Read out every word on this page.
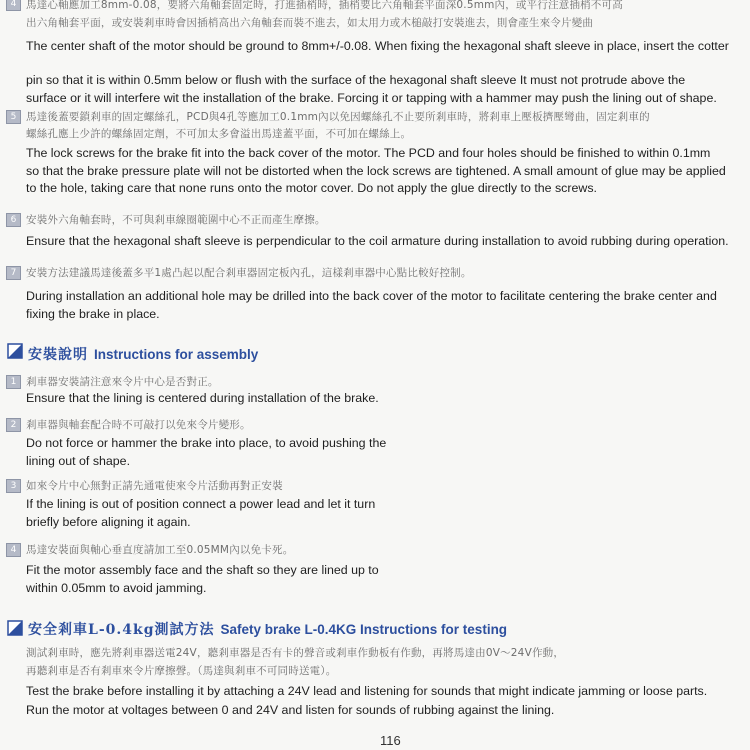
4 馬達心軸應加工8mm-0.08，要將六角軸套固定時，打進插梢時，插梢要比六角軸套平面深0.5mm內，或平行注意插梢不可高
出六角軸套平面，或安裝剎車時會因插梢高出六角軸套而裝不進去，如太用力或木槌敲打安裝進去，則會產生來令片變曲
The center shaft of the motor should be ground to 8mm+/-0.08. When fixing the hexagonal shaft sleeve in place, insert the cotter
pin so that it is within 0.5mm below or flush with the surface of the hexagonal shaft sleeve It must not protrude above the
surface or it will interfere wit the installation of the brake. Forcing it or tapping with a hammer may push the lining out of shape.
5 馬達後蓋要鎖剎車的固定螺絲孔，PCD與4孔等應加工0.1mm內以免因螺絲孔不止要所剎車時，將剎車上壓板擠壓彎曲，固定剎車的
螺絲孔應上少許的螺絲固定劑，不可加太多會溢出馬達蓋平面，不可加在螺絲上。
The lock screws for the brake fit into the back cover of the motor. The PCD and four holes should be finished to within 0.1mm
so that the brake pressure plate will not be distorted when the lock screws are tightened. A small amount of glue may be applied
to the hole, taking care that none runs onto the motor cover. Do not apply the glue directly to the screws.
6 安裝外六角軸套時，不可與剎車線圈範圍中心不正而產生摩擦。
Ensure that the hexagonal shaft sleeve is perpendicular to the coil armature during installation to avoid rubbing during operation.
7 安裝方法建議馬達後蓋多平1處凸起以配合剎車器固定板內孔，這樣剎車器中心點比較好控制。
During installation an additional hole may be drilled into the back cover of the motor to facilitate centering the brake center and
fixing the brake in place.
安裝說明 Instructions for assembly
1 剎車器安裝請注意來令片中心是否對正。
Ensure that the lining is centered during installation of the brake.
2 剎車器與軸套配合時不可敲打以免來令片變形。
Do not force or hammer the brake into place, to avoid pushing the
lining out of shape.
3 如來令片中心無對正請先通電使來令片活動再對正安裝
If the lining is out of position connect a power lead and let it turn
briefly before aligning it again.
4 馬達安裝面與軸心垂直度請加工至0.05MM內以免卡死。
Fit the motor assembly face and the shaft so they are lined up to
within 0.05mm to avoid jamming.
安全剎車L-0.4kg測試方法 Safety brake L-0.4KG Instructions for testing
測試剎車時，應先將剎車器送電24V，聽剎車器是否有卡的聲音或剎車作動板有作動，再將馬達由0V～24V作動，
再聽剎車是否有剎車來令片摩擦聲。（馬達與剎車不可同時送電）。
Test the brake before installing it by attaching a 24V lead and listening for sounds that might indicate jamming or loose parts.
Run the motor at voltages between 0 and 24V and listen for sounds of rubbing against the lining.
116
